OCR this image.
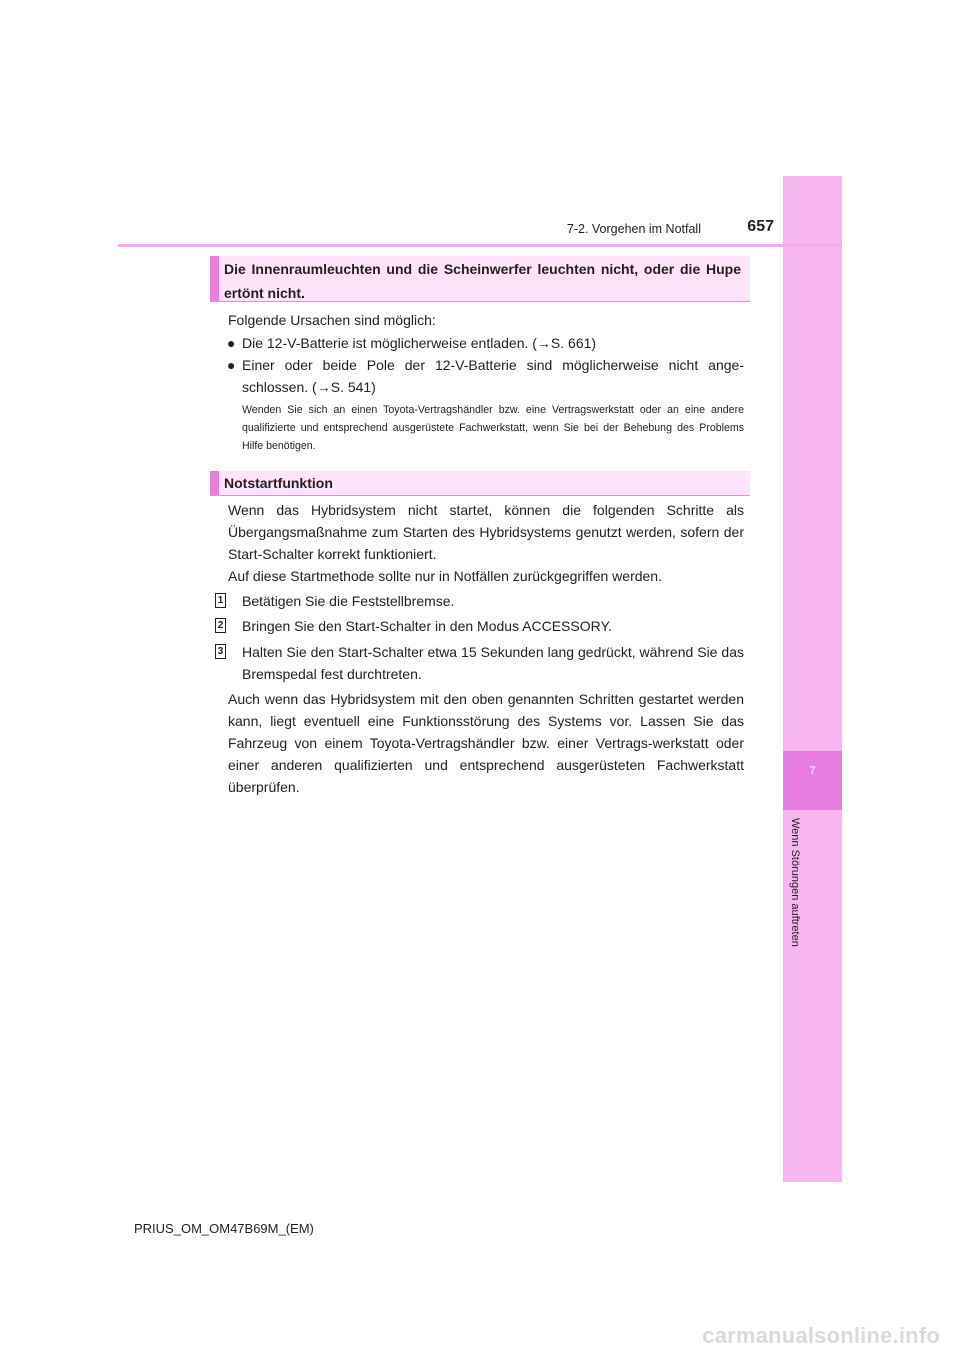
7
Wenn Störungen auftreten
7-2. Vorgehen im Notfall	657
Die Innenraumleuchten und die Scheinwerfer leuchten nicht, oder die Hupe ertönt nicht.

Folgende Ursachen sind möglich:

● Die 12-V-Batterie ist möglicherweise entladen. (→S. 661)

● Einer oder beide Pole der 12-V-Batterie sind möglicherweise nicht ange-schlossen. (→S. 541)

Wenden Sie sich an einen Toyota-Vertragshändler bzw. eine Vertragswerkstatt oder an eine andere qualifizierte und entsprechend ausgerüstete Fachwerkstatt, wenn Sie bei der Behebung des Problems Hilfe benötigen.

Notstartfunktion

Wenn das Hybridsystem nicht startet, können die folgenden Schritte als Übergangsmaßnahme zum Starten des Hybridsystems genutzt werden, sofern der Start-Schalter korrekt funktioniert.

Auf diese Startmethode sollte nur in Notfällen zurückgegriffen werden.

1 Betätigen Sie die Feststellbremse.

2 Bringen Sie den Start-Schalter in den Modus ACCESSORY.

3 Halten Sie den Start-Schalter etwa 15 Sekunden lang gedrückt, während Sie das Bremspedal fest durchtreten.

Auch wenn das Hybridsystem mit den oben genannten Schritten gestartet werden kann, liegt eventuell eine Funktionsstörung des Systems vor. Lassen Sie das Fahrzeug von einem Toyota-Vertragshändler bzw. einer Vertrags-werkstatt oder einer anderen qualifizierten und entsprechend ausgerüsteten Fachwerkstatt überprüfen.

PRIUS_OM_OM47B69M_(EM)
carmanualsonline.info
